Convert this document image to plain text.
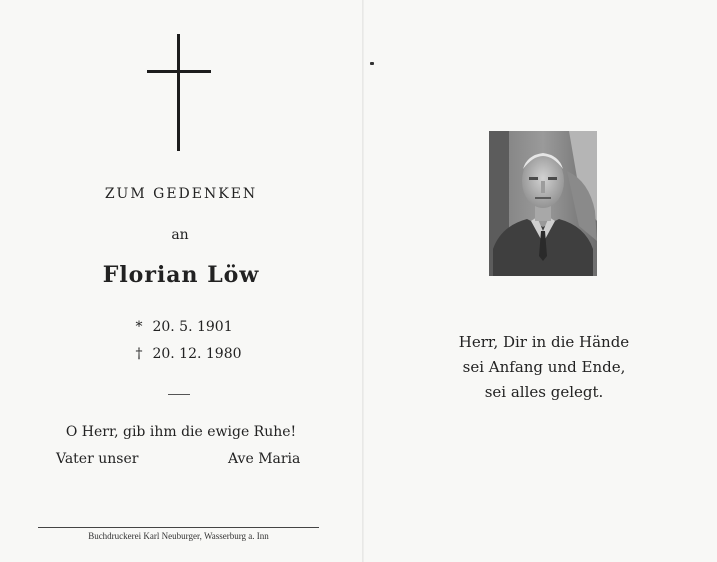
ZUM GEDENKEN
an
Florian Löw
* 20. 5. 1901
† 20. 12. 1980
O Herr, gib ihm die ewige Ruhe!
Vater unser	Ave Maria
Buchdruckerei Karl Neuburger, Wasserburg a. Inn
Herr, Dir in die Hände
sei Anfang und Ende,
sei alles gelegt.
